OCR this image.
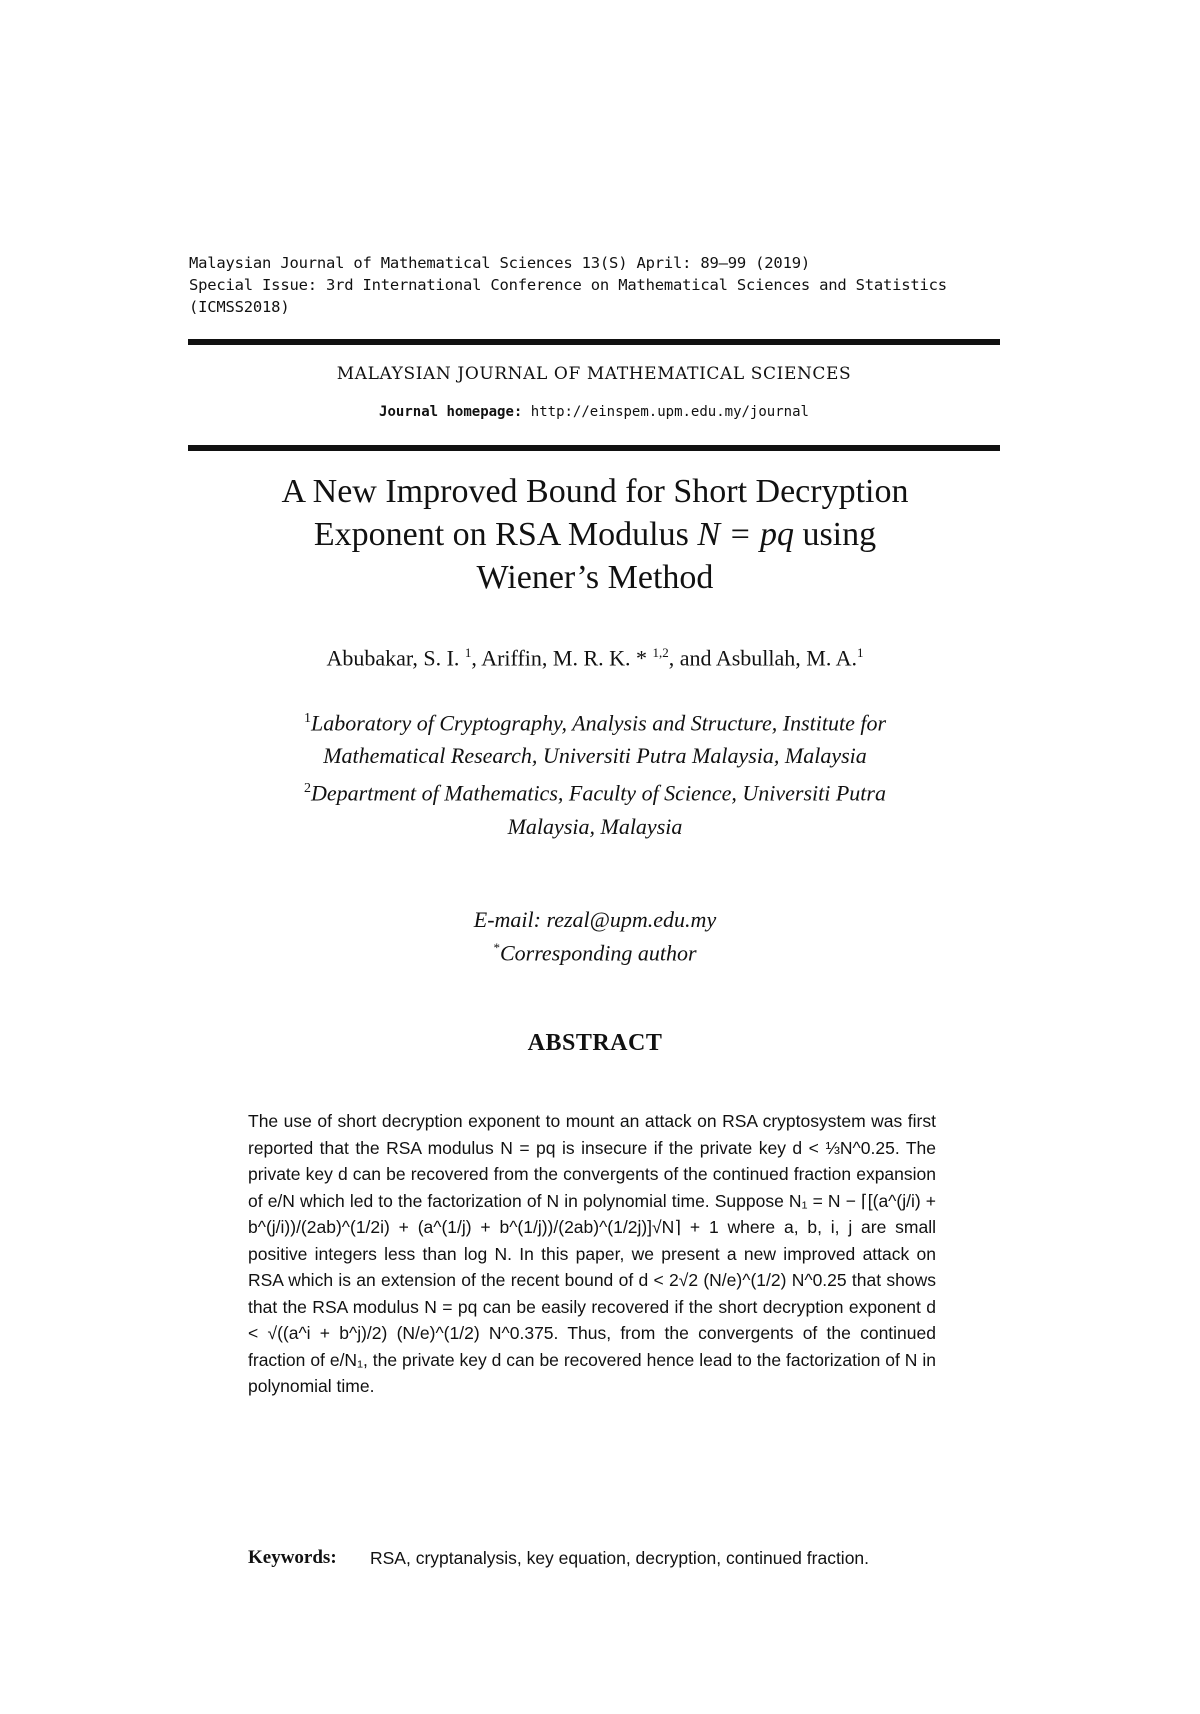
Malaysian Journal of Mathematical Sciences 13(S) April: 89–99 (2019)
Special Issue: 3rd International Conference on Mathematical Sciences and Statistics
(ICMSS2018)
MALAYSIAN JOURNAL OF MATHEMATICAL SCIENCES
Journal homepage: http://einspem.upm.edu.my/journal
A New Improved Bound for Short Decryption
Exponent on RSA Modulus N = pq using
Wiener’s Method
Abubakar, S. I. $^1$, Ariffin, M. R. K. * $^{1,2}$, and Asbullah, M. A.$^1$
$^1$Laboratory of Cryptography, Analysis and Structure, Institute for
Mathematical Research, Universiti Putra Malaysia, Malaysia
$^2$Department of Mathematics, Faculty of Science, Universiti Putra
Malaysia, Malaysia
E-mail: rezal@upm.edu.my
*Corresponding author
ABSTRACT
The use of short decryption exponent to mount an attack on RSA cryptosystem was first reported that the RSA modulus N = pq is insecure if the private key d < ⅓N^0.25. The private key d can be recovered from the convergents of the continued fraction expansion of e/N which led to the factorization of N in polynomial time. Suppose N₁ = N − ⌈[(a^(j/i) + b^(j/i))/(2ab)^(1/2i) + (a^(1/j) + b^(1/j))/(2ab)^(1/2j)]√N⌉ + 1 where a, b, i, j are small positive integers less than log N. In this paper, we present a new improved attack on RSA which is an extension of the recent bound of d < 2√2 (N/e)^(1/2) N^0.25 that shows that the RSA modulus N = pq can be easily recovered if the short decryption exponent d < √((a^i + b^j)/2) (N/e)^(1/2) N^0.375. Thus, from the convergents of the continued fraction of e/N₁, the private key d can be recovered hence lead to the factorization of N in polynomial time.
Keywords:	RSA, cryptanalysis, key equation, decryption, continued fraction.
